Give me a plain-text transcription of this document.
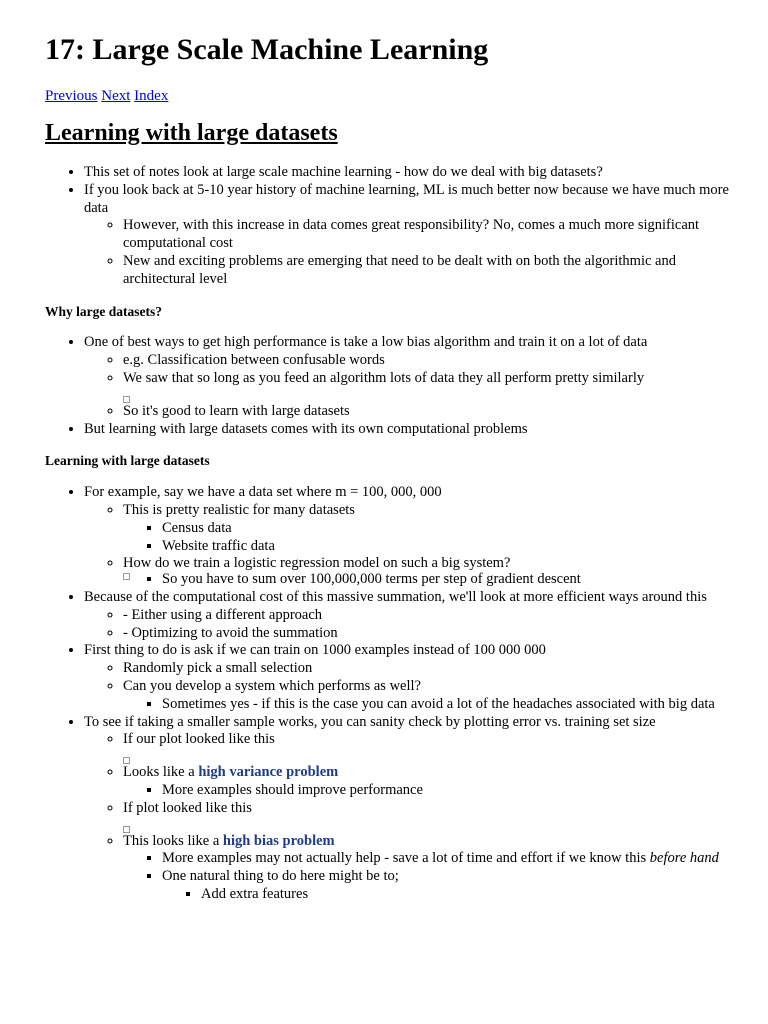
17: Large Scale Machine Learning
Previous Next Index
Learning with large datasets
• This set of notes look at large scale machine learning - how do we deal with big datasets?
• If you look back at 5-10 year history of machine learning, ML is much better now because we have much more data
◦ However, with this increase in data comes great responsibility? No, comes a much more significant computational cost
◦ New and exciting problems are emerging that need to be dealt with on both the algorithmic and architectural level
Why large datasets?
• One of best ways to get high performance is take a low bias algorithm and train it on a lot of data
◦ e.g. Classification between confusable words
◦ We saw that so long as you feed an algorithm lots of data they all perform pretty similarly
◦ So it's good to learn with large datasets
• But learning with large datasets comes with its own computational problems
Learning with large datasets
• For example, say we have a data set where m = 100, 000, 000
◦ This is pretty realistic for many datasets
▪ Census data
▪ Website traffic data
◦ How do we train a logistic regression model on such a big system?
▪ So you have to sum over 100,000,000 terms per step of gradient descent
• Because of the computational cost of this massive summation, we'll look at more efficient ways around this
◦ - Either using a different approach
◦ - Optimizing to avoid the summation
• First thing to do is ask if we can train on 1000 examples instead of 100 000 000
◦ Randomly pick a small selection
◦ Can you develop a system which performs as well?
▪ Sometimes yes - if this is the case you can avoid a lot of the headaches associated with big data
• To see if taking a smaller sample works, you can sanity check by plotting error vs. training set size
◦ If our plot looked like this
◦ Looks like a high variance problem
▪ More examples should improve performance
◦ If plot looked like this
◦ This looks like a high bias problem
▪ More examples may not actually help - save a lot of time and effort if we know this before hand
▪ One natural thing to do here might be to;
▪ Add extra features
